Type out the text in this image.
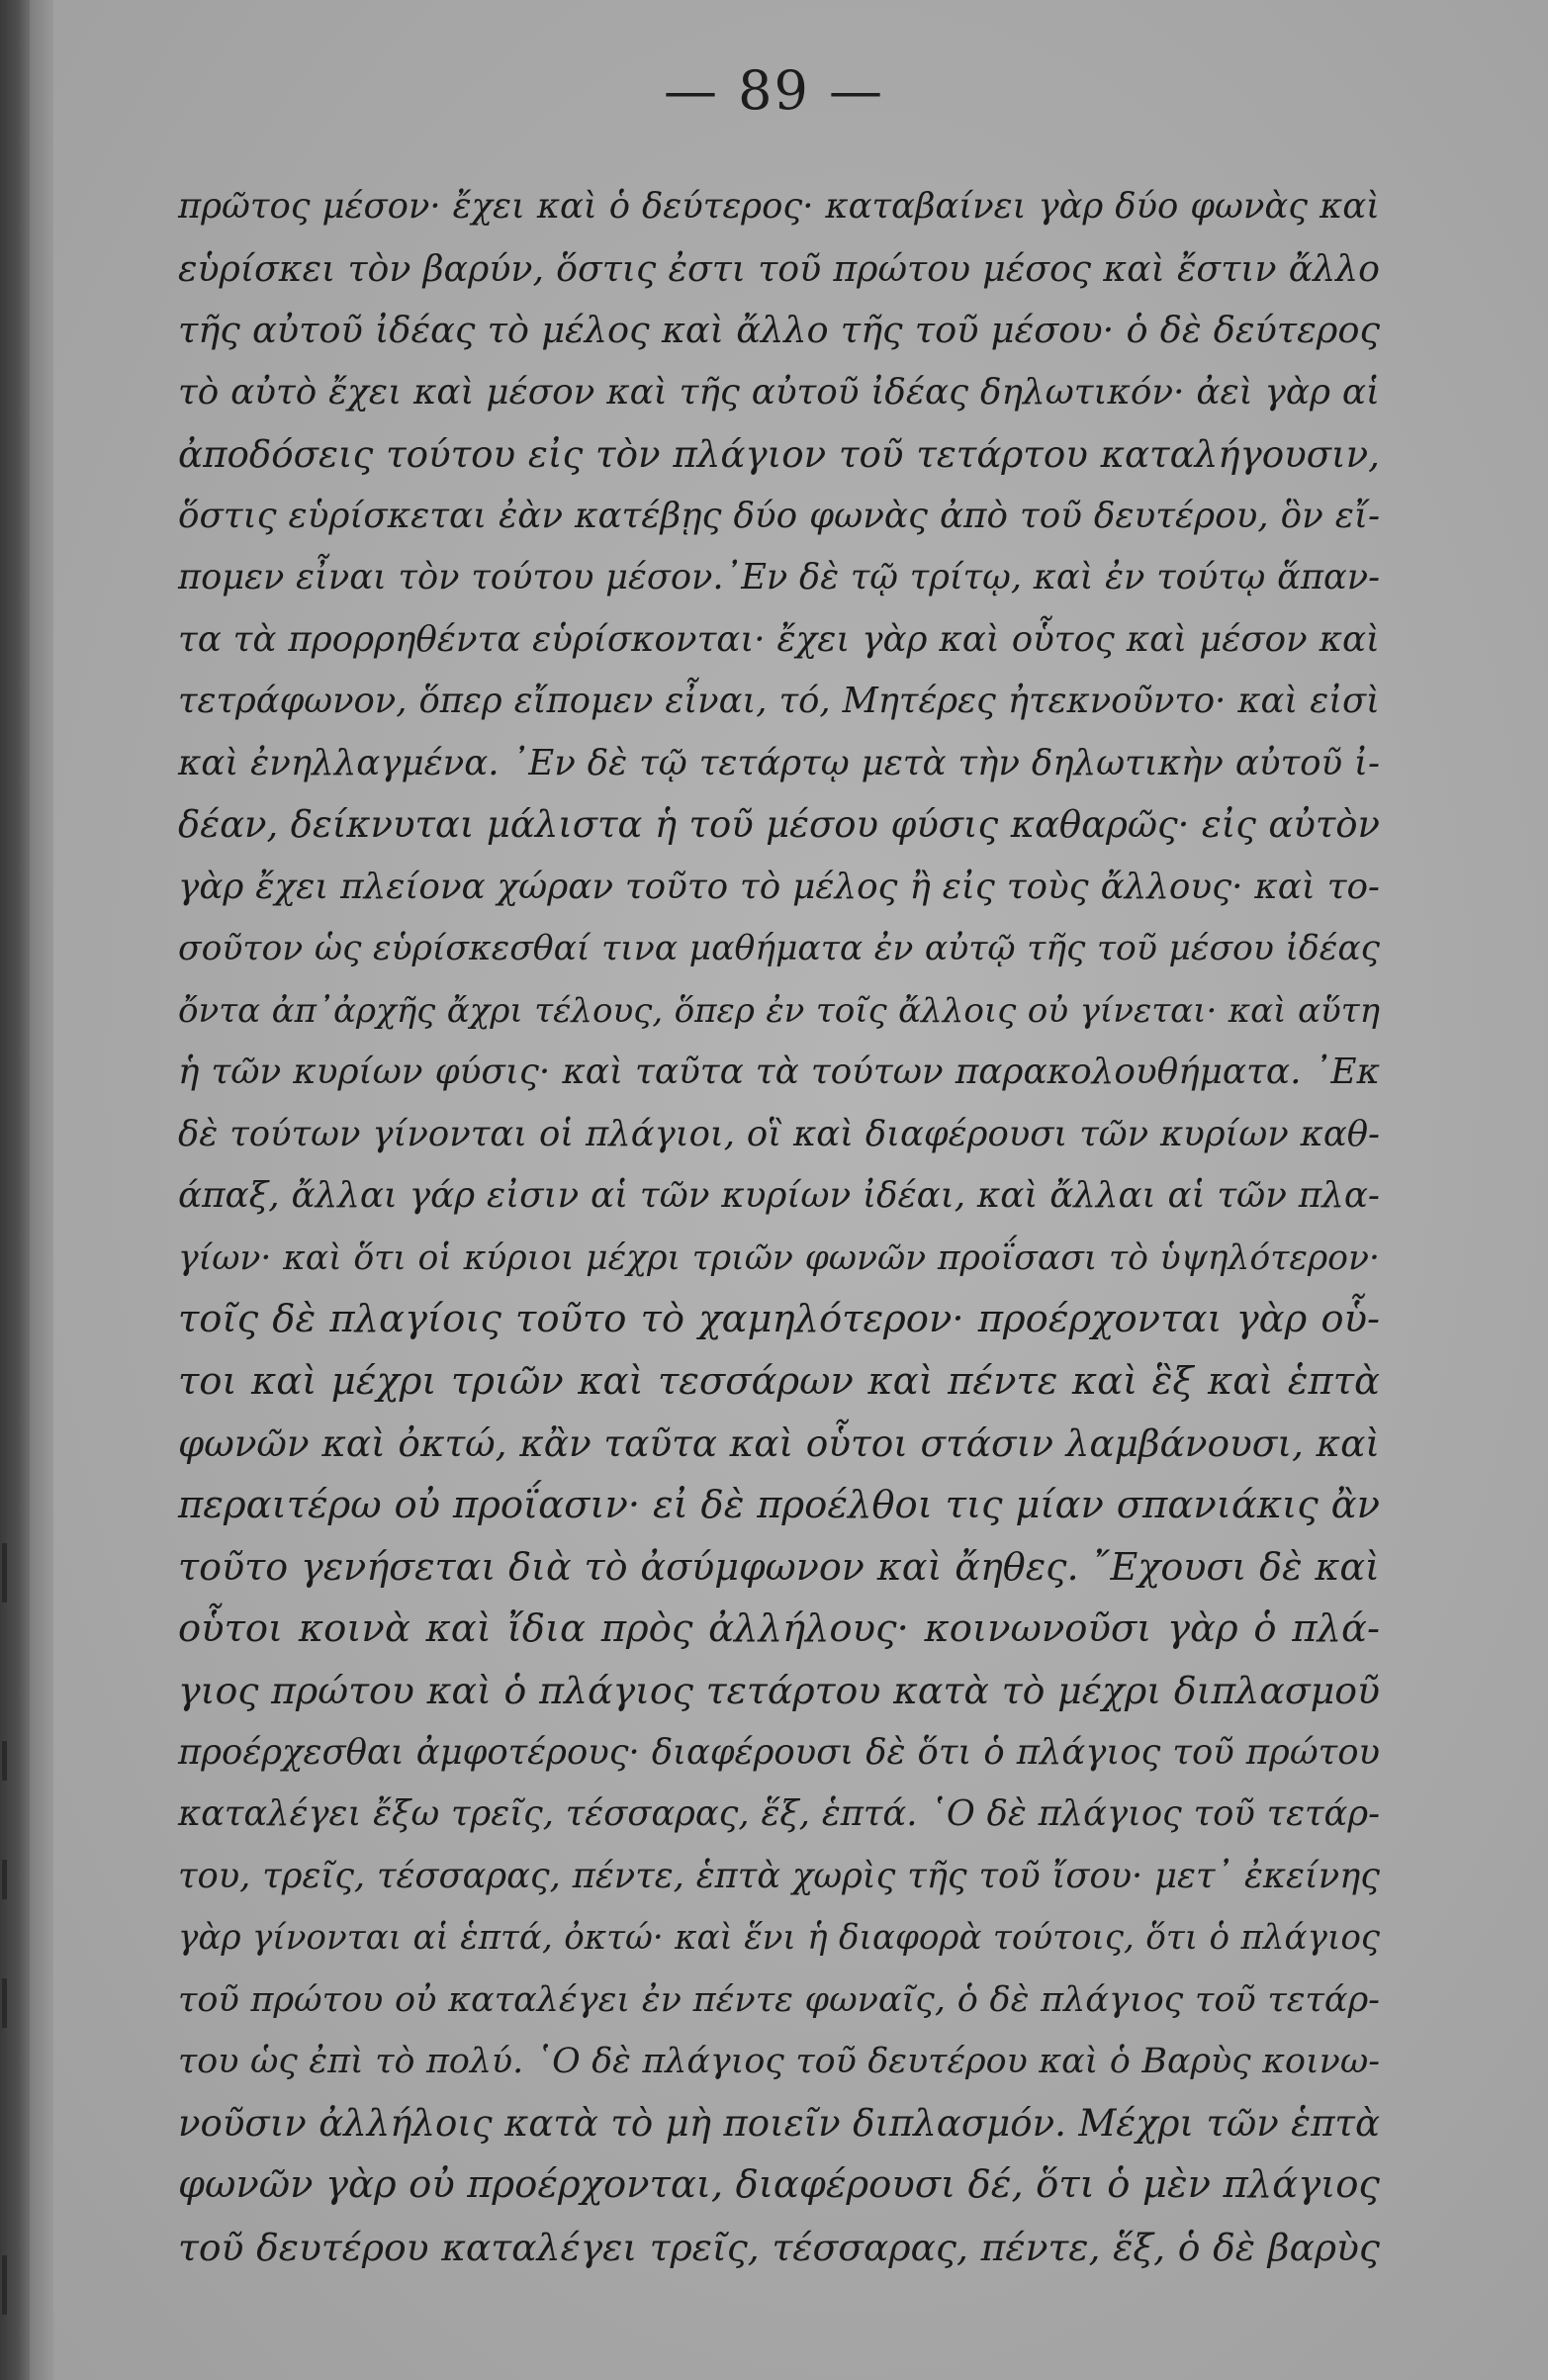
— 89 —
πρῶτος μέσον· ἔχει καὶ ὁ δεύτερος· καταβαίνει γὰρ δύο φωνὰς καὶ
εὑρίσκει τὸν βαρύν, ὅστις ἐστι τοῦ πρώτου μέσος καὶ ἔστιν ἄλλο
τῆς αὐτοῦ ἰδέας τὸ μέλος καὶ ἄλλο τῆς τοῦ μέσου· ὁ δὲ δεύτερος
τὸ αὐτὸ ἔχει καὶ μέσον καὶ τῆς αὐτοῦ ἰδέας δηλωτικόν· ἀεὶ γὰρ αἱ
ἀποδόσεις τούτου εἰς τὸν πλάγιον τοῦ τετάρτου καταλήγουσιν,
ὅστις εὑρίσκεται ἐὰν κατέβῃς δύο φωνὰς ἀπὸ τοῦ δευτέρου, ὃν εἴ-
πομεν εἶναι τὸν τούτου μέσον.᾽Εν δὲ τῷ τρίτῳ, καὶ ἐν τούτῳ ἅπαν-
τα τὰ προρρηθέντα εὑρίσκονται· ἔχει γὰρ καὶ οὗτος καὶ μέσον καὶ
τετράφωνον, ὅπερ εἴπομεν εἶναι, τό, Μητέρες ἠτεκνοῦντο· καὶ εἰσὶ
καὶ ἐνηλλαγμένα. ᾽Εν δὲ τῷ τετάρτῳ μετὰ τὴν δηλωτικὴν αὐτοῦ ἰ-
δέαν, δείκνυται μάλιστα ἡ τοῦ μέσου φύσις καθαρῶς· εἰς αὐτὸν
γὰρ ἔχει πλείονα χώραν τοῦτο τὸ μέλος ἢ εἰς τοὺς ἄλλους· καὶ το-
σοῦτον ὡς εὑρίσκεσθαί τινα μαθήματα ἐν αὐτῷ τῆς τοῦ μέσου ἰδέας
ὄντα ἀπ᾽ἀρχῆς ἄχρι τέλους, ὅπερ ἐν τοῖς ἄλλοις οὐ γίνεται· καὶ αὕτη
ἡ τῶν κυρίων φύσις· καὶ ταῦτα τὰ τούτων παρακολουθήματα. ᾽Εκ
δὲ τούτων γίνονται οἱ πλάγιοι, οἳ καὶ διαφέρουσι τῶν κυρίων καθ-
άπαξ, ἄλλαι γάρ εἰσιν αἱ τῶν κυρίων ἰδέαι, καὶ ἄλλαι αἱ τῶν πλα-
γίων· καὶ ὅτι οἱ κύριοι μέχρι τριῶν φωνῶν προΐσασι τὸ ὑψηλότερον·
τοῖς δὲ πλαγίοις τοῦτο τὸ χαμηλότερον· προέρχονται γὰρ οὗ-
τοι καὶ μέχρι τριῶν καὶ τεσσάρων καὶ πέντε καὶ ἓξ καὶ ἑπτὰ
φωνῶν καὶ ὀκτώ, κἂν ταῦτα καὶ οὗτοι στάσιν λαμβάνουσι, καὶ
περαιτέρω οὐ προΐασιν· εἰ δὲ προέλθοι τις μίαν σπανιάκις ἂν
τοῦτο γενήσεται διὰ τὸ ἀσύμφωνον καὶ ἄηθες. ῎Εχουσι δὲ καὶ
οὗτοι κοινὰ καὶ ἴδια πρὸς ἀλλήλους· κοινωνοῦσι γὰρ ὁ πλά-
γιος πρώτου καὶ ὁ πλάγιος τετάρτου κατὰ τὸ μέχρι διπλασμοῦ
προέρχεσθαι ἀμφοτέρους· διαφέρουσι δὲ ὅτι ὁ πλάγιος τοῦ πρώτου
καταλέγει ἔξω τρεῖς, τέσσαρας, ἕξ, ἑπτά. ῾Ο δὲ πλάγιος τοῦ τετάρ-
του, τρεῖς, τέσσαρας, πέντε, ἑπτὰ χωρὶς τῆς τοῦ ἴσου· μετ᾽ ἐκείνης
γὰρ γίνονται αἱ ἑπτά, ὀκτώ· καὶ ἕνι ἡ διαφορὰ τούτοις, ὅτι ὁ πλάγιος
τοῦ πρώτου οὐ καταλέγει ἐν πέντε φωναῖς, ὁ δὲ πλάγιος τοῦ τετάρ-
του ὡς ἐπὶ τὸ πολύ. ῾Ο δὲ πλάγιος τοῦ δευτέρου καὶ ὁ Βαρὺς κοινω-
νοῦσιν ἀλλήλοις κατὰ τὸ μὴ ποιεῖν διπλασμόν. Μέχρι τῶν ἑπτὰ
φωνῶν γὰρ οὐ προέρχονται, διαφέρουσι δέ, ὅτι ὁ μὲν πλάγιος
τοῦ δευτέρου καταλέγει τρεῖς, τέσσαρας, πέντε, ἕξ, ὁ δὲ βαρὺς
